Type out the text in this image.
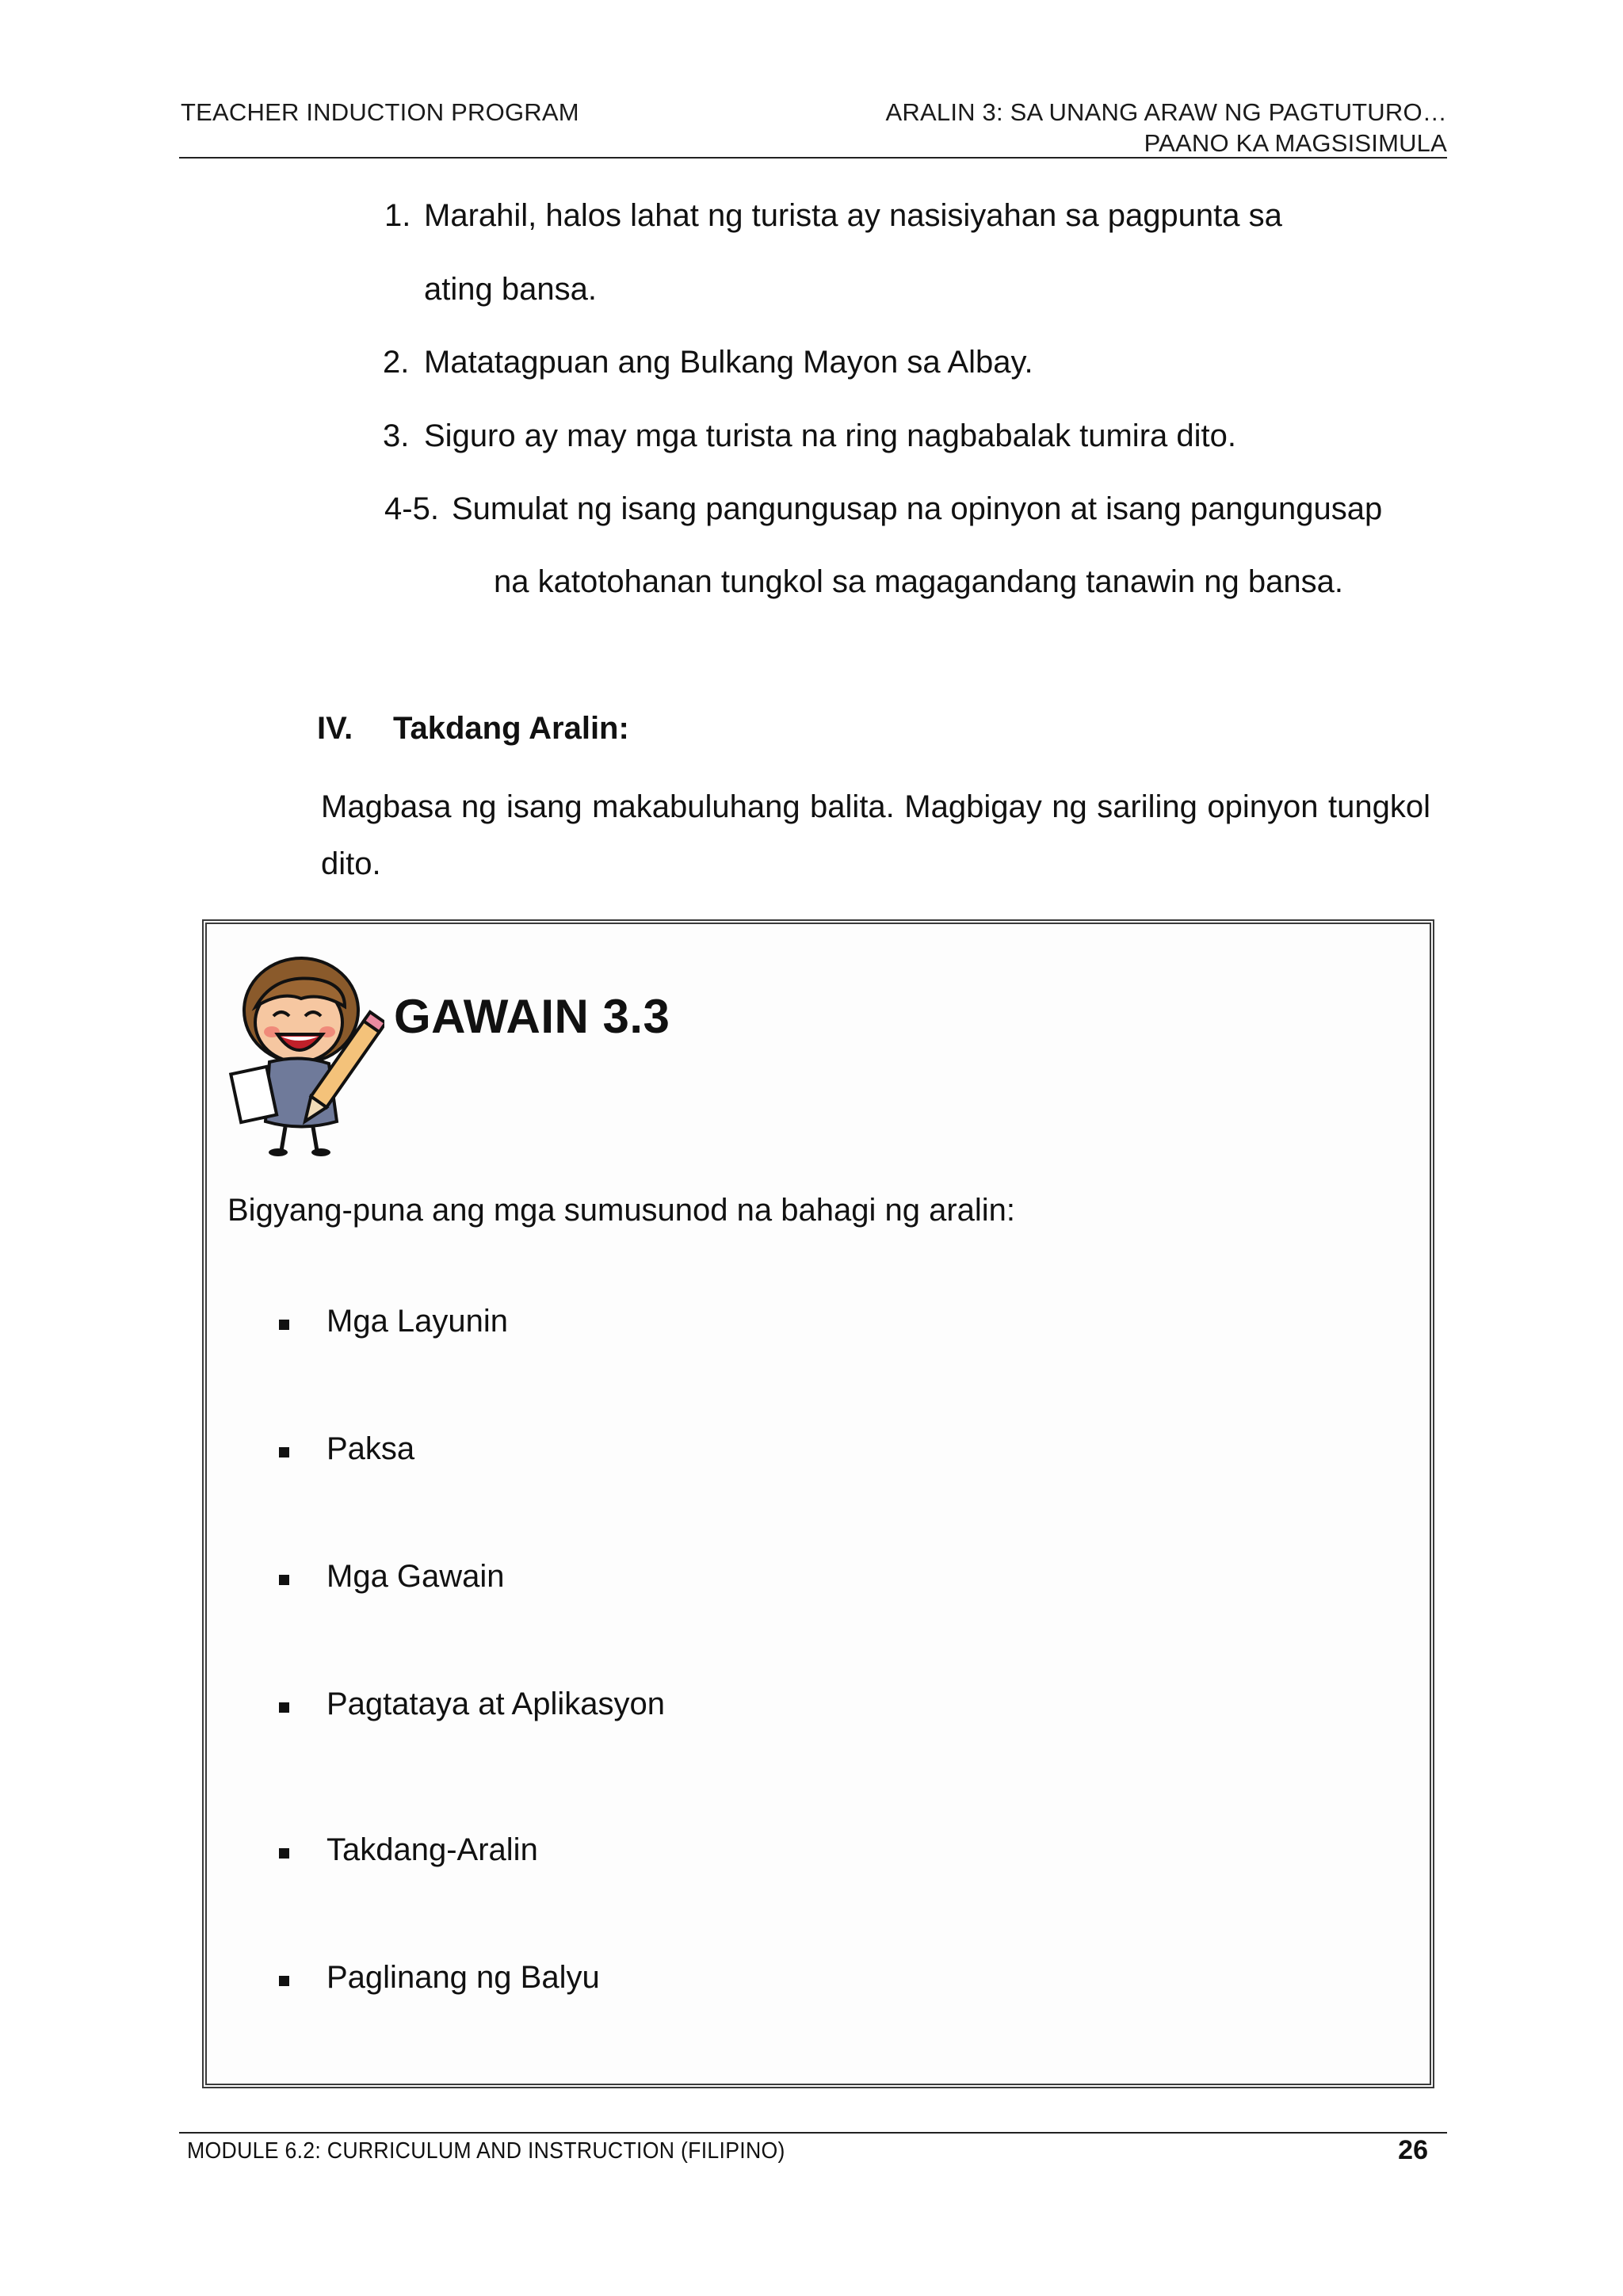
TEACHER INDUCTION PROGRAM	ARALIN 3: SA UNANG ARAW NG PAGTUTURO…
PAANO KA MAGSISIMULA
1. Marahil, halos lahat ng turista ay nasisiyahan sa pagpunta sa
ating bansa.
2. Matatagpuan ang Bulkang Mayon sa Albay.
3. Siguro ay may mga turista na ring nagbabalak tumira dito.
4-5. Sumulat ng isang pangungusap na opinyon at isang pangungusap
na katotohanan tungkol sa magagandang tanawin ng bansa.
IV. Takdang Aralin:
Magbasa ng isang makabuluhang balita. Magbigay ng sariling opinyon tungkol dito.
GAWAIN 3.3
Bigyang-puna ang mga sumusunod na bahagi ng aralin:
Mga Layunin
Paksa
Mga Gawain
Pagtataya at Aplikasyon
Takdang-Aralin
Paglinang ng Balyu
MODULE 6.2: CURRICULUM AND INSTRUCTION (FILIPINO)	26
